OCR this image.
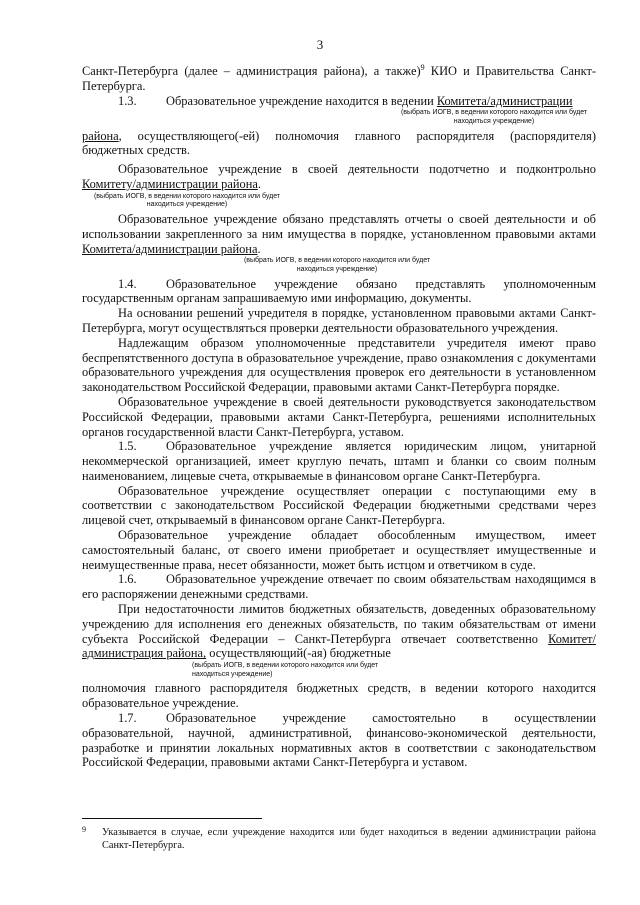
3

Санкт-Петербурга (далее – администрация района), а также)$^9$ КИО и Правительства Санкт-Петербурга.

1.3. Образовательное учреждение находится в ведении Комитета/администрации

(выбрать ИОГВ, в ведении которого находится или будет находиться учреждение)

района, осуществляющего(-ей) полномочия главного распорядителя (распорядителя) бюджетных средств.

Образовательное учреждение в своей деятельности подотчетно и подконтрольно Комитету/администрации района.

(выбрать ИОГВ, в ведении которого находится или будет находиться учреждение)

Образовательное учреждение обязано представлять отчеты о своей деятельности и об использовании закрепленного за ним имущества в порядке, установленном правовыми актами Комитета/администрации района.

(выбрать ИОГВ, в ведении которого находится или будет находиться учреждение)

1.4. Образовательное учреждение обязано представлять уполномоченным государственным органам запрашиваемую ими информацию, документы.

На основании решений учредителя в порядке, установленном правовыми актами Санкт-Петербурга, могут осуществляться проверки деятельности образовательного учреждения.

Надлежащим образом уполномоченные представители учредителя имеют право беспрепятственного доступа в образовательное учреждение, право ознакомления с документами образовательного учреждения для осуществления проверок его деятельности в установленном законодательством Российской Федерации, правовыми актами Санкт-Петербурга порядке.

Образовательное учреждение в своей деятельности руководствуется законодательством Российской Федерации, правовыми актами Санкт-Петербурга, решениями исполнительных органов государственной власти Санкт-Петербурга, уставом.

1.5. Образовательное учреждение является юридическим лицом, унитарной некоммерческой организацией, имеет круглую печать, штамп и бланки со своим полным наименованием, лицевые счета, открываемые в финансовом органе Санкт-Петербурга.

Образовательное учреждение осуществляет операции с поступающими ему в соответствии с законодательством Российской Федерации бюджетными средствами через лицевой счет, открываемый в финансовом органе Санкт-Петербурга.

Образовательное учреждение обладает обособленным имуществом, имеет самостоятельный баланс, от своего имени приобретает и осуществляет имущественные и неимущественные права, несет обязанности, может быть истцом и ответчиком в суде.

1.6. Образовательное учреждение отвечает по своим обязательствам находящимся в его распоряжении денежными средствами.

При недостаточности лимитов бюджетных обязательств, доведенных образовательному учреждению для исполнения его денежных обязательств, по таким обязательствам от имени субъекта Российской Федерации – Санкт-Петербурга отвечает соответственно Комитет/администрация района, осуществляющий(-ая) бюджетные

(выбрать ИОГВ, в ведении которого находится или будет находиться учреждение)

полномочия главного распорядителя бюджетных средств, в ведении которого находится образовательное учреждение.

1.7. Образовательное учреждение самостоятельно в осуществлении образовательной, научной, административной, финансово-экономической деятельности, разработке и принятии локальных нормативных актов в соответствии с законодательством Российской Федерации, правовыми актами Санкт-Петербурга и уставом.

9	Указывается в случае, если учреждение находится или будет находиться в ведении администрации района Санкт-Петербурга.
